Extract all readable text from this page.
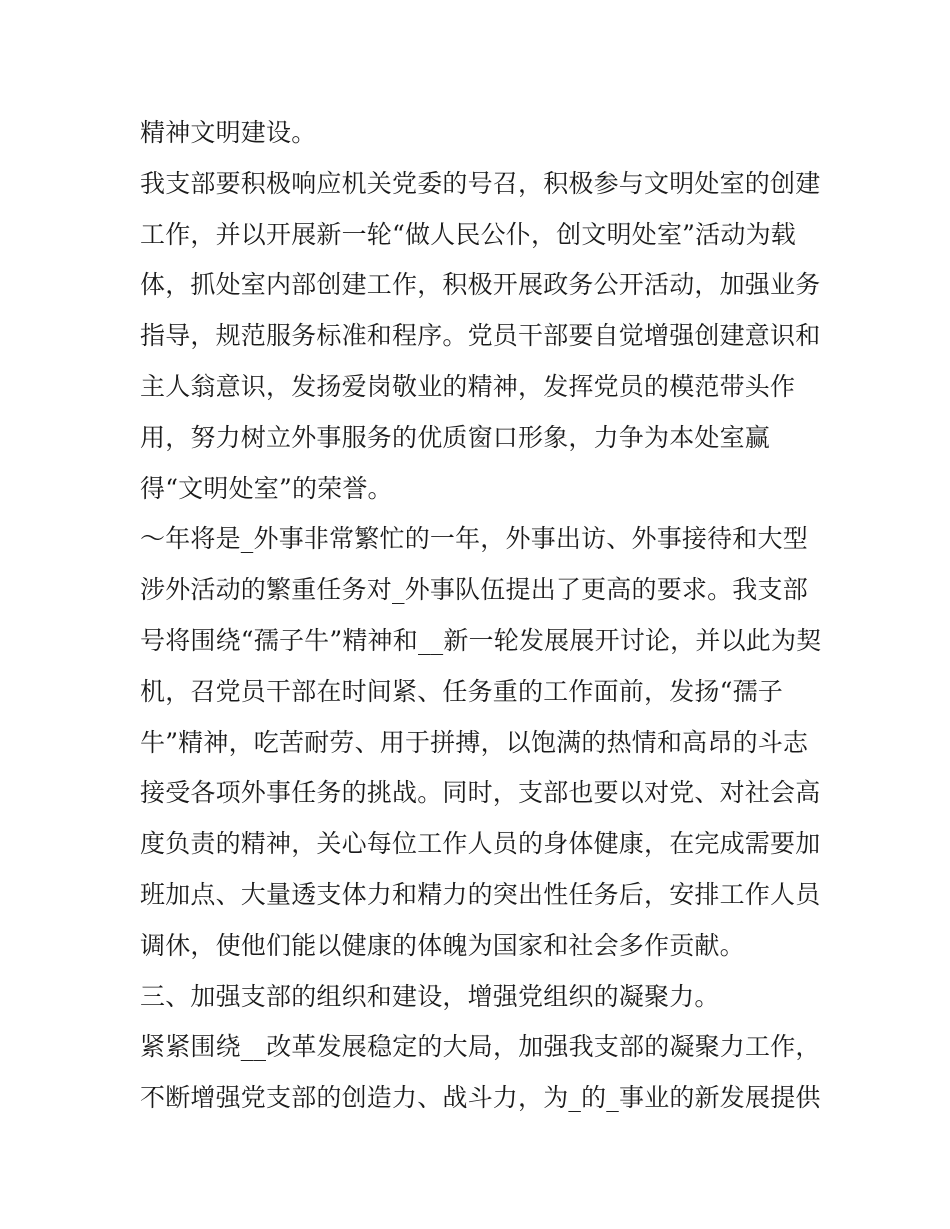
精神文明建设。
我支部要积极响应机关党委的号召，积极参与文明处室的创建
工作，并以开展新一轮“做人民公仆，创文明处室”活动为载
体，抓处室内部创建工作，积极开展政务公开活动，加强业务
指导，规范服务标准和程序。党员干部要自觉增强创建意识和
主人翁意识，发扬爱岗敬业的精神，发挥党员的模范带头作
用，努力树立外事服务的优质窗口形象，力争为本处室赢
得“文明处室”的荣誉。
～年将是_外事非常繁忙的一年，外事出访、外事接待和大型
涉外活动的繁重任务对_外事队伍提出了更高的要求。我支部
号将围绕“孺子牛”精神和__新一轮发展展开讨论，并以此为契
机，召党员干部在时间紧、任务重的工作面前，发扬“孺子
牛”精神，吃苦耐劳、用于拼搏，以饱满的热情和高昂的斗志
接受各项外事任务的挑战。同时，支部也要以对党、对社会高
度负责的精神，关心每位工作人员的身体健康，在完成需要加
班加点、大量透支体力和精力的突出性任务后，安排工作人员
调休，使他们能以健康的体魄为国家和社会多作贡献。
三、加强支部的组织和建设，增强党组织的凝聚力。
紧紧围绕__改革发展稳定的大局，加强我支部的凝聚力工作，
不断增强党支部的创造力、战斗力，为_的_事业的新发展提供
